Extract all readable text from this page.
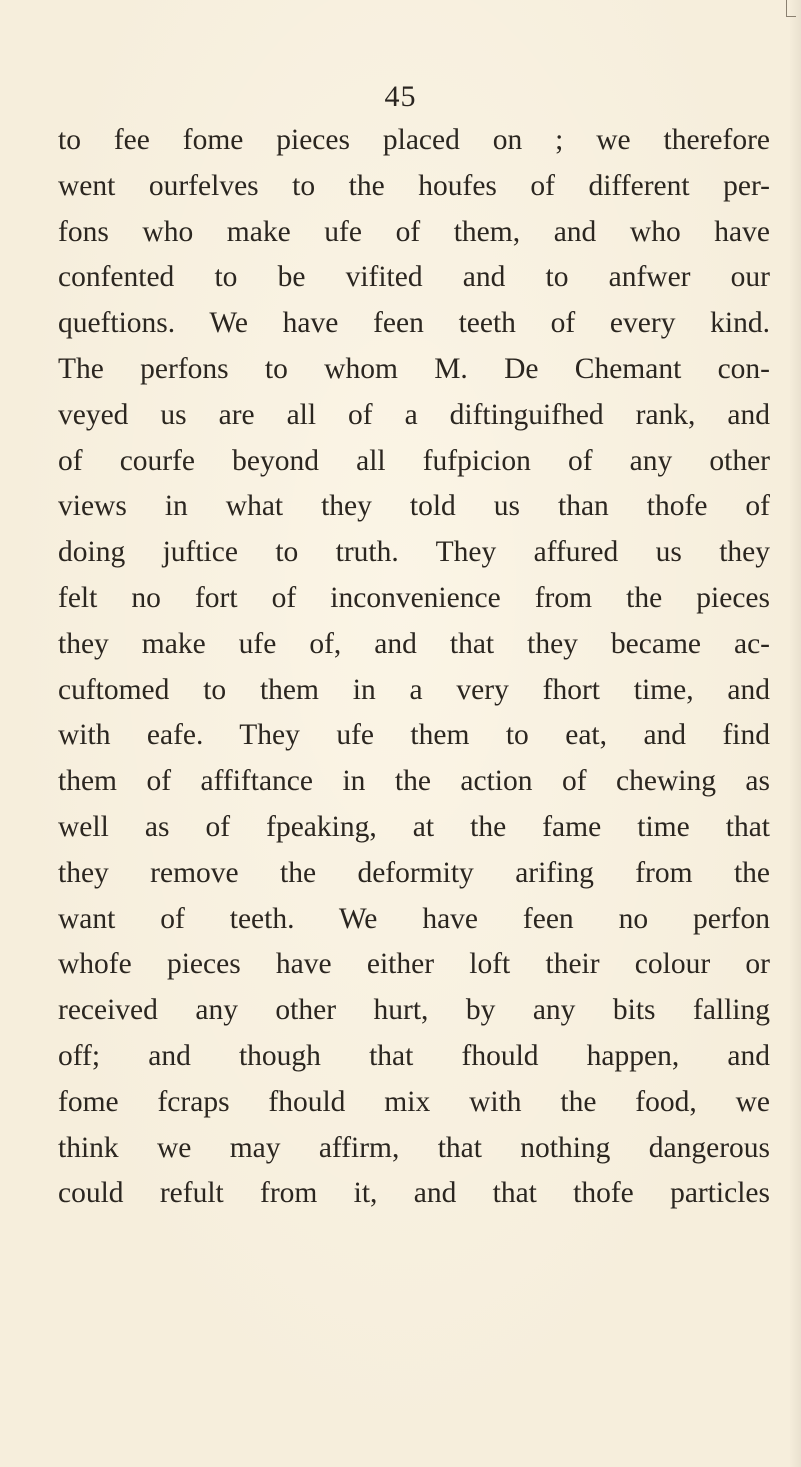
45
to fee fome pieces placed on ; we therefore
went ourfelves to the houfes of different per-
fons who make ufe of them, and who have
confented to be vifited and to anfwer our
queftions. We have feen teeth of every kind.
The perfons to whom M. De Chemant con-
veyed us are all of a diftinguifhed rank, and
of courfe beyond all fufpicion of any other
views in what they told us than thofe of
doing juftice to truth. They affured us they
felt no fort of inconvenience from the pieces
they make ufe of, and that they became ac-
cuftomed to them in a very fhort time, and
with eafe. They ufe them to eat, and find
them of affiftance in the action of chewing as
well as of fpeaking, at the fame time that
they remove the deformity arifing from the
want of teeth. We have feen no perfon
whofe pieces have either loft their colour or
received any other hurt, by any bits falling
off; and though that fhould happen, and
fome fcraps fhould mix with the food, we
think we may affirm, that nothing dangerous
could refult from it, and that thofe particles
